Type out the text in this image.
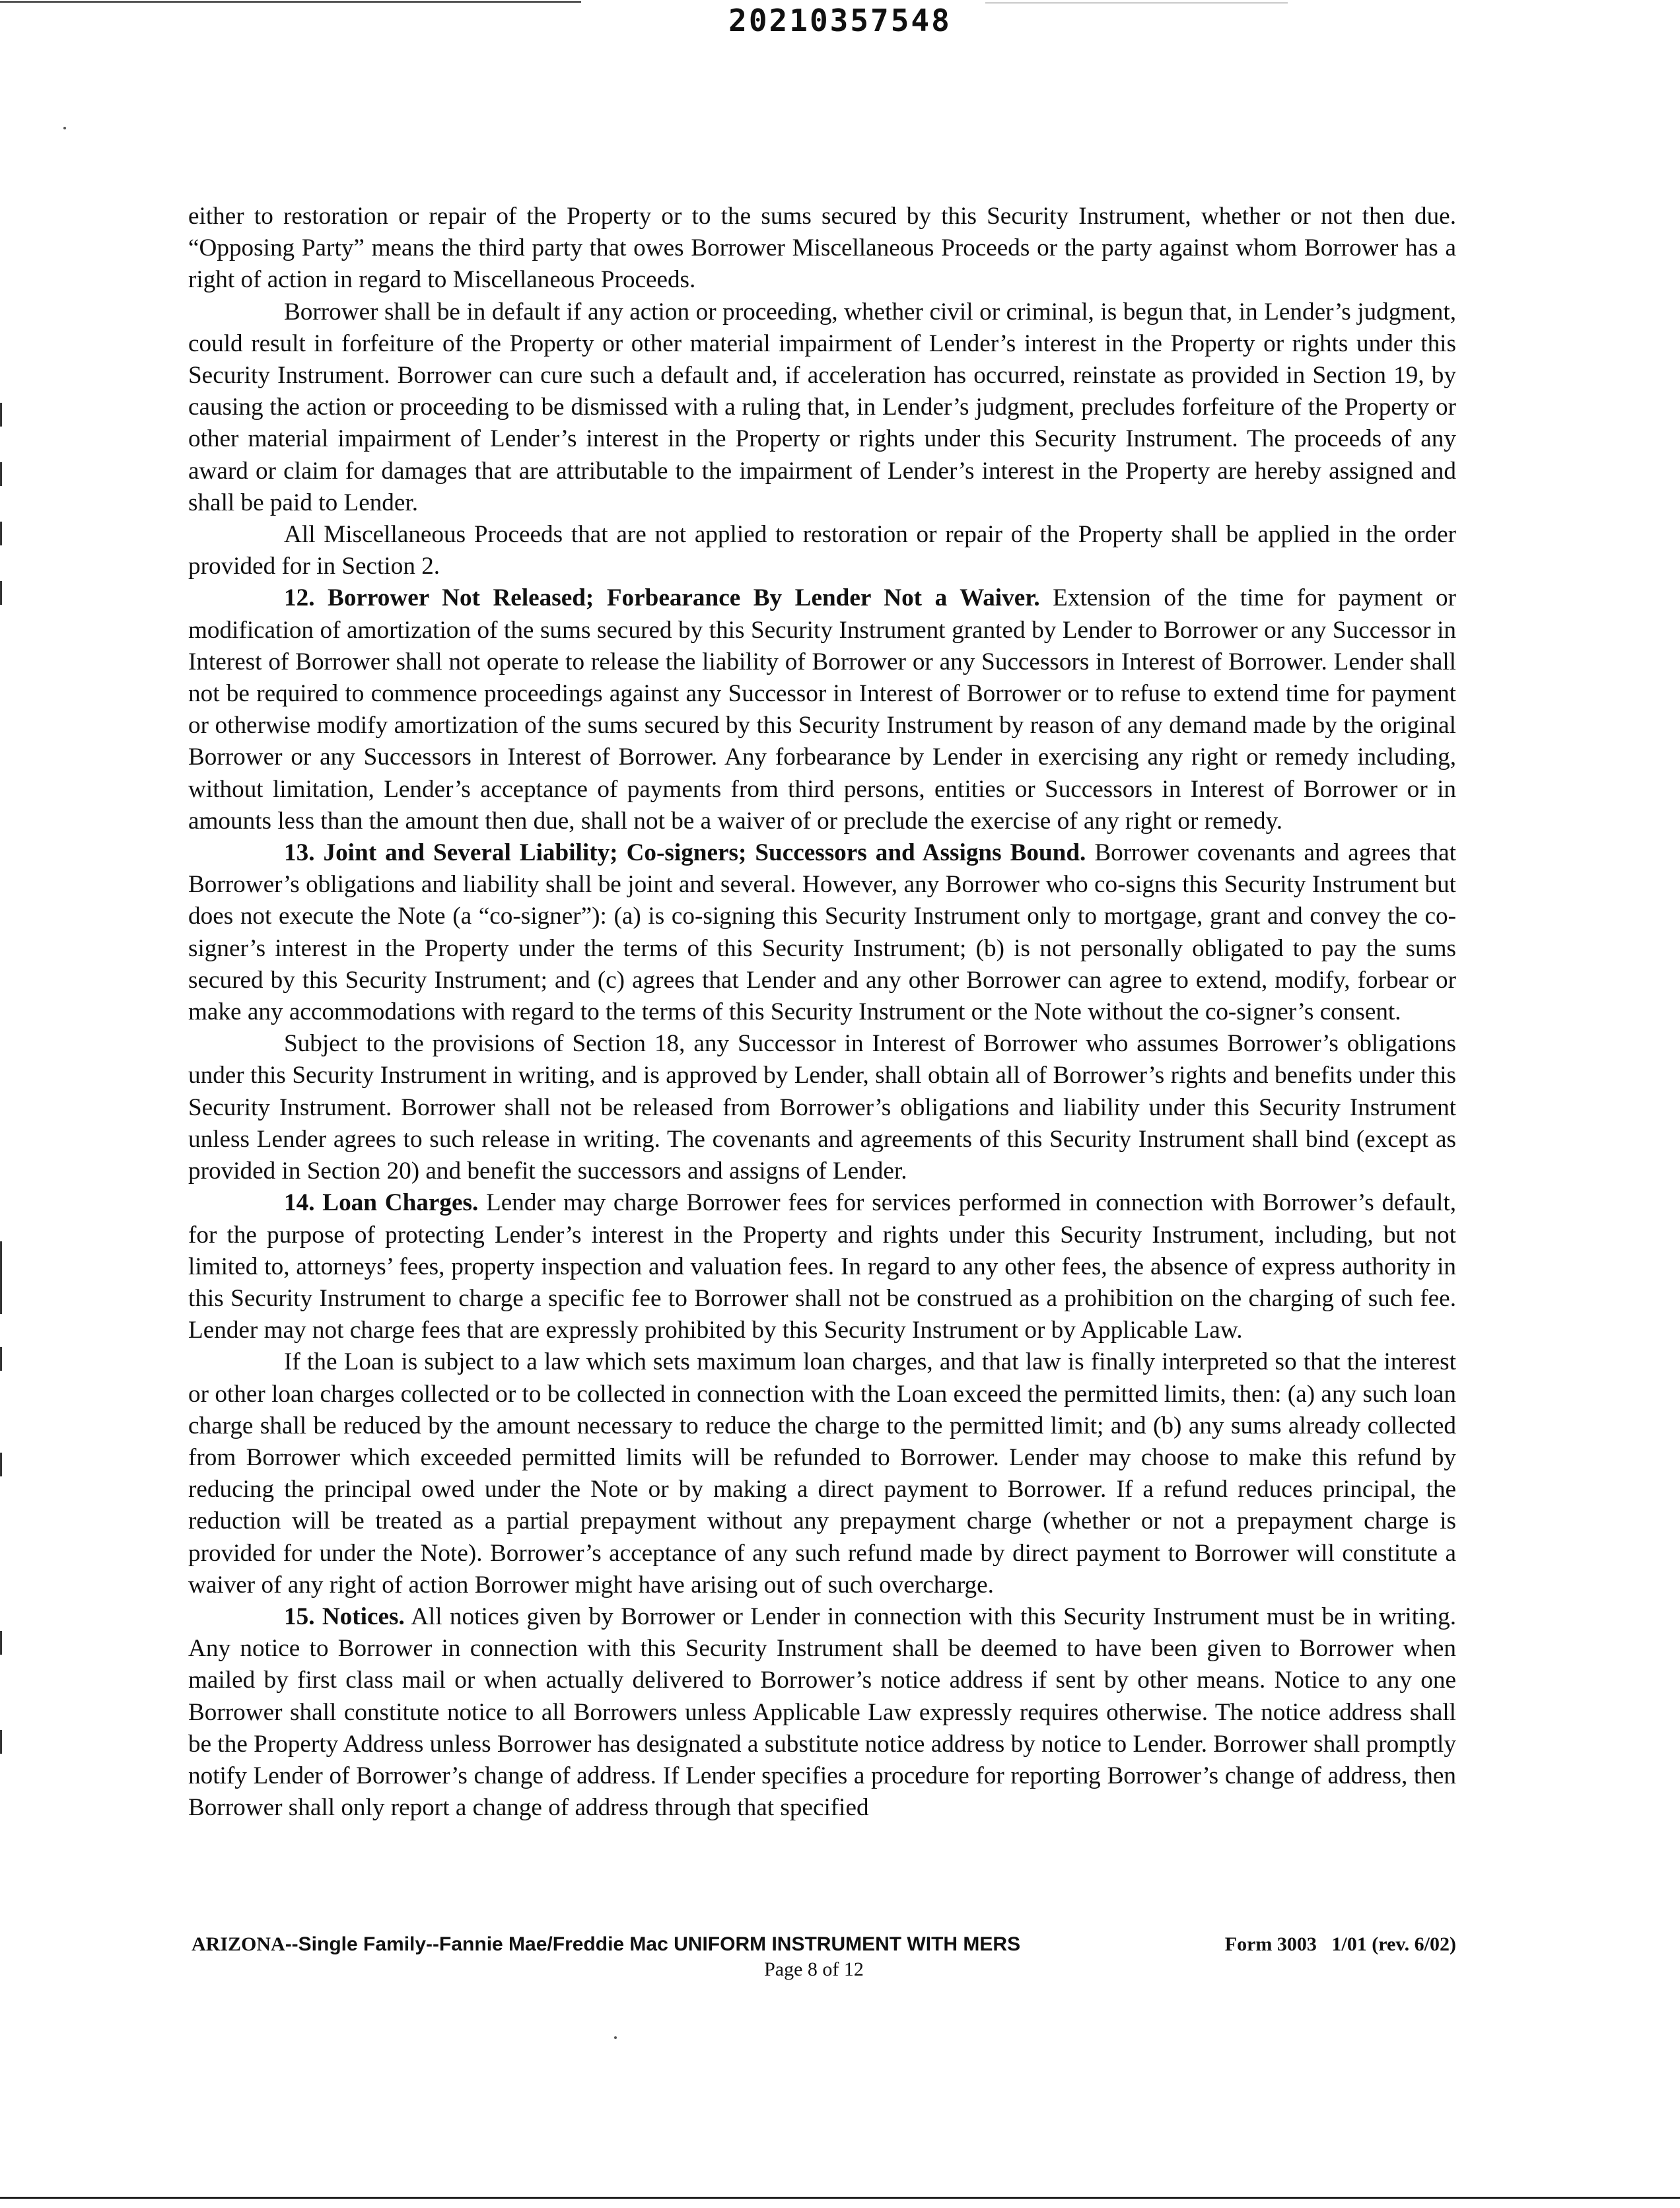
20210357548

either to restoration or repair of the Property or to the sums secured by this Security Instrument, whether or not then due. “Opposing Party” means the third party that owes Borrower Miscellaneous Proceeds or the party against whom Borrower has a right of action in regard to Miscellaneous Proceeds.

Borrower shall be in default if any action or proceeding, whether civil or criminal, is begun that, in Lender’s judgment, could result in forfeiture of the Property or other material impairment of Lender’s interest in the Property or rights under this Security Instrument. Borrower can cure such a default and, if acceleration has occurred, reinstate as provided in Section 19, by causing the action or proceeding to be dismissed with a ruling that, in Lender’s judgment, precludes forfeiture of the Property or other material impairment of Lender’s interest in the Property or rights under this Security Instrument. The proceeds of any award or claim for damages that are attributable to the impairment of Lender’s interest in the Property are hereby assigned and shall be paid to Lender.

All Miscellaneous Proceeds that are not applied to restoration or repair of the Property shall be applied in the order provided for in Section 2.

12. Borrower Not Released; Forbearance By Lender Not a Waiver. Extension of the time for payment or modification of amortization of the sums secured by this Security Instrument granted by Lender to Borrower or any Successor in Interest of Borrower shall not operate to release the liability of Borrower or any Successors in Interest of Borrower. Lender shall not be required to commence proceedings against any Successor in Interest of Borrower or to refuse to extend time for payment or otherwise modify amortization of the sums secured by this Security Instrument by reason of any demand made by the original Borrower or any Successors in Interest of Borrower. Any forbearance by Lender in exercising any right or remedy including, without limitation, Lender’s acceptance of payments from third persons, entities or Successors in Interest of Borrower or in amounts less than the amount then due, shall not be a waiver of or preclude the exercise of any right or remedy.

13. Joint and Several Liability; Co-signers; Successors and Assigns Bound. Borrower covenants and agrees that Borrower’s obligations and liability shall be joint and several. However, any Borrower who co-signs this Security Instrument but does not execute the Note (a “co-signer”): (a) is co-signing this Security Instrument only to mortgage, grant and convey the co-signer’s interest in the Property under the terms of this Security Instrument; (b) is not personally obligated to pay the sums secured by this Security Instrument; and (c) agrees that Lender and any other Borrower can agree to extend, modify, forbear or make any accommodations with regard to the terms of this Security Instrument or the Note without the co-signer’s consent.

Subject to the provisions of Section 18, any Successor in Interest of Borrower who assumes Borrower’s obligations under this Security Instrument in writing, and is approved by Lender, shall obtain all of Borrower’s rights and benefits under this Security Instrument. Borrower shall not be released from Borrower’s obligations and liability under this Security Instrument unless Lender agrees to such release in writing. The covenants and agreements of this Security Instrument shall bind (except as provided in Section 20) and benefit the successors and assigns of Lender.

14. Loan Charges. Lender may charge Borrower fees for services performed in connection with Borrower’s default, for the purpose of protecting Lender’s interest in the Property and rights under this Security Instrument, including, but not limited to, attorneys’ fees, property inspection and valuation fees. In regard to any other fees, the absence of express authority in this Security Instrument to charge a specific fee to Borrower shall not be construed as a prohibition on the charging of such fee. Lender may not charge fees that are expressly prohibited by this Security Instrument or by Applicable Law.

If the Loan is subject to a law which sets maximum loan charges, and that law is finally interpreted so that the interest or other loan charges collected or to be collected in connection with the Loan exceed the permitted limits, then: (a) any such loan charge shall be reduced by the amount necessary to reduce the charge to the permitted limit; and (b) any sums already collected from Borrower which exceeded permitted limits will be refunded to Borrower. Lender may choose to make this refund by reducing the principal owed under the Note or by making a direct payment to Borrower. If a refund reduces principal, the reduction will be treated as a partial prepayment without any prepayment charge (whether or not a prepayment charge is provided for under the Note). Borrower’s acceptance of any such refund made by direct payment to Borrower will constitute a waiver of any right of action Borrower might have arising out of such overcharge.

15. Notices. All notices given by Borrower or Lender in connection with this Security Instrument must be in writing. Any notice to Borrower in connection with this Security Instrument shall be deemed to have been given to Borrower when mailed by first class mail or when actually delivered to Borrower’s notice address if sent by other means. Notice to any one Borrower shall constitute notice to all Borrowers unless Applicable Law expressly requires otherwise. The notice address shall be the Property Address unless Borrower has designated a substitute notice address by notice to Lender. Borrower shall promptly notify Lender of Borrower’s change of address. If Lender specifies a procedure for reporting Borrower’s change of address, then Borrower shall only report a change of address through that specified

ARIZONA--Single Family--Fannie Mae/Freddie Mac UNIFORM INSTRUMENT WITH MERS	Form 3003   1/01 (rev. 6/02)
Page 8 of 12
